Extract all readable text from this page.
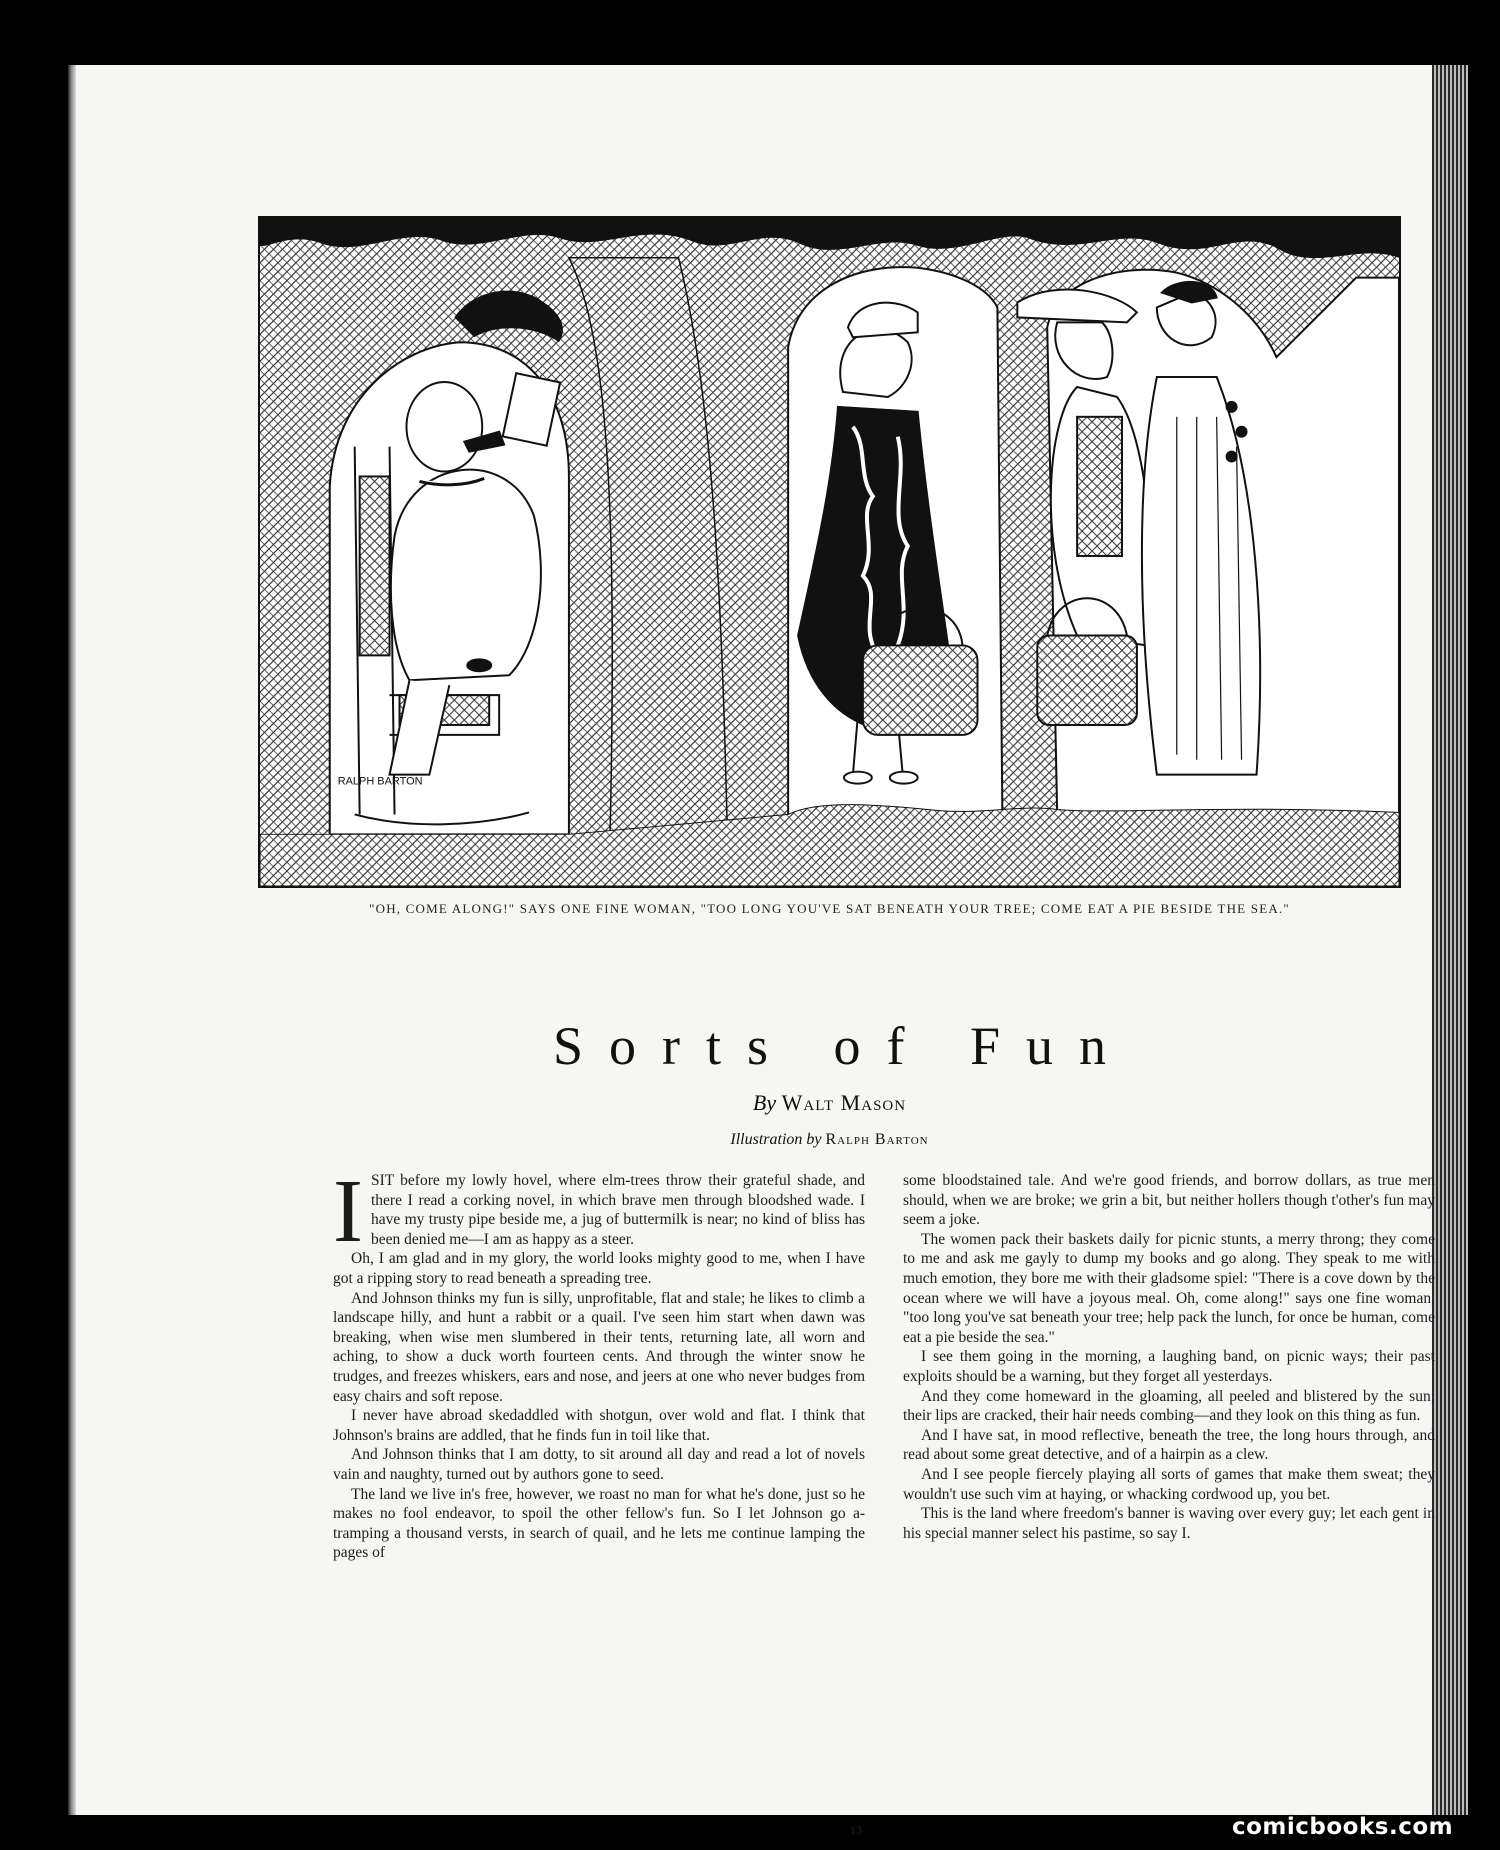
RALPH BARTON
"OH, COME ALONG!" SAYS ONE FINE WOMAN, "TOO LONG YOU'VE SAT BENEATH YOUR TREE; COME EAT A PIE BESIDE THE SEA."
Sorts of Fun
By Walt Mason
Illustration by Ralph Barton

ISIT before my lowly hovel, where elm-trees throw their grateful shade, and there I read a corking novel, in which brave men through bloodshed wade. I have my trusty pipe beside me, a jug of buttermilk is near; no kind of bliss has been denied me—I am as happy as a steer.

Oh, I am glad and in my glory, the world looks mighty good to me, when I have got a ripping story to read beneath a spreading tree.

And Johnson thinks my fun is silly, unprofitable, flat and stale; he likes to climb a landscape hilly, and hunt a rabbit or a quail. I've seen him start when dawn was breaking, when wise men slumbered in their tents, returning late, all worn and aching, to show a duck worth fourteen cents. And through the winter snow he trudges, and freezes whiskers, ears and nose, and jeers at one who never budges from easy chairs and soft repose.

I never have abroad skedaddled with shotgun, over wold and flat. I think that Johnson's brains are addled, that he finds fun in toil like that.

And Johnson thinks that I am dotty, to sit around all day and read a lot of novels vain and naughty, turned out by authors gone to seed.

The land we live in's free, however, we roast no man for what he's done, just so he makes no fool endeavor, to spoil the other fellow's fun. So I let Johnson go a-tramping a thousand versts, in search of quail, and he lets me continue lamping the pages of

some bloodstained tale. And we're good friends, and borrow dollars, as true men should, when we are broke; we grin a bit, but neither hollers though t'other's fun may seem a joke.

The women pack their baskets daily for picnic stunts, a merry throng; they come to me and ask me gayly to dump my books and go along. They speak to me with much emotion, they bore me with their gladsome spiel: "There is a cove down by the ocean where we will have a joyous meal. Oh, come along!" says one fine woman, "too long you've sat beneath your tree; help pack the lunch, for once be human, come eat a pie beside the sea."

I see them going in the morning, a laughing band, on picnic ways; their past exploits should be a warning, but they forget all yesterdays.

And they come homeward in the gloaming, all peeled and blistered by the sun; their lips are cracked, their hair needs combing—and they look on this thing as fun.

And I have sat, in mood reflective, beneath the tree, the long hours through, and read about some great detective, and of a hairpin as a clew.

And I see people fiercely playing all sorts of games that make them sweat; they wouldn't use such vim at haying, or whacking cordwood up, you bet.

This is the land where freedom's banner is waving over every guy; let each gent in his special manner select his pastime, so say I.

13	comicbooks.com
